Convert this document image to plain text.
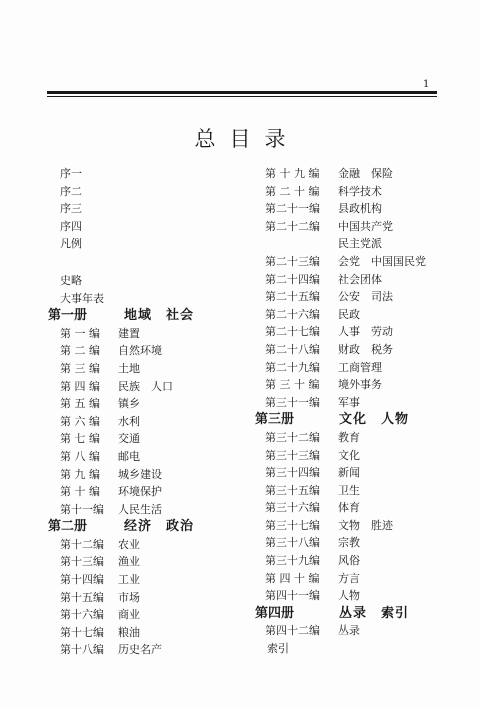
1
总目录
序一
序二
序三
序四
凡例
史略
大事年表
第一册	地域　社会
第 一 编 建置
第 二 编 自然环境
第 三 编 土地
第 四 编 民族　人口
第 五 编 镇乡
第 六 编 水利
第 七 编 交通
第 八 编 邮电
第 九 编 城乡建设
第 十 编 环境保护
第十一编 人民生活
第二册	经济　政治
第十二编 农业
第十三编 渔业
第十四编 工业
第十五编 市场
第十六编 商业
第十七编 粮油
第十八编 历史名产
第 十 九 编 金融　保险
第 二 十 编 科学技术
第二十一编 县政机构
第二十二编 中国共产党
民主党派
第二十三编 会党　中国国民党
第二十四编 社会团体
第二十五编 公安　司法
第二十六编 民政
第二十七编 人事　劳动
第二十八编 财政　税务
第二十九编 工商管理
第 三 十 编 境外事务
第三十一编 军事
第三册	文化　人物
第三十二编 教育
第三十三编 文化
第三十四编 新闻
第三十五编 卫生
第三十六编 体育
第三十七编 文物　胜迹
第三十八编 宗教
第三十九编 风俗
第 四 十 编 方言
第四十一编 人物
第四册	丛录　索引
第四十二编 丛录
索引
